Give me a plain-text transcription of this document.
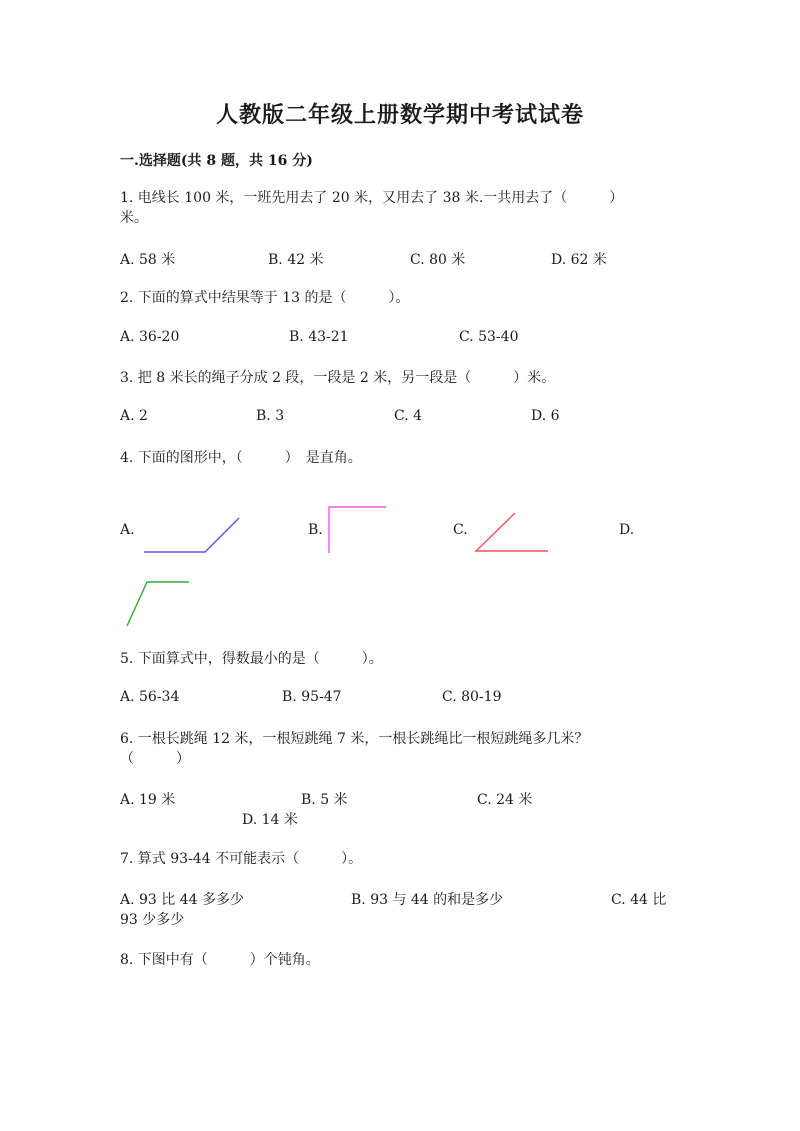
人教版二年级上册数学期中考试试卷
一.选择题(共 8 题，共 16 分)
1. 电线长 100 米，一班先用去了 20 米，又用去了 38 米.一共用去了（　　　）
米。
A. 58 米	B. 42 米	C. 80 米	D. 62 米
2. 下面的算式中结果等于 13 的是（　　　）。
A. 36-20	B. 43-21	C. 53-40
3. 把 8 米长的绳子分成 2 段，一段是 2 米，另一段是（　　　）米。
A. 2	B. 3	C. 4	D. 6
4. 下面的图形中，（　　　）　是直角。
A.	B.	C.	D.
5. 下面算式中，得数最小的是（　　　）。
A. 56-34	B. 95-47	C. 80-19
6. 一根长跳绳 12 米，一根短跳绳 7 米，一根长跳绳比一根短跳绳多几米？
（　　　）
A. 19 米	B. 5 米	C. 24 米
D. 14 米
7. 算式 93-44 不可能表示（　　　）。
A. 93 比 44 多多少	B. 93 与 44 的和是多少	C. 44 比
93 少多少
8. 下图中有（　　　）个钝角。
